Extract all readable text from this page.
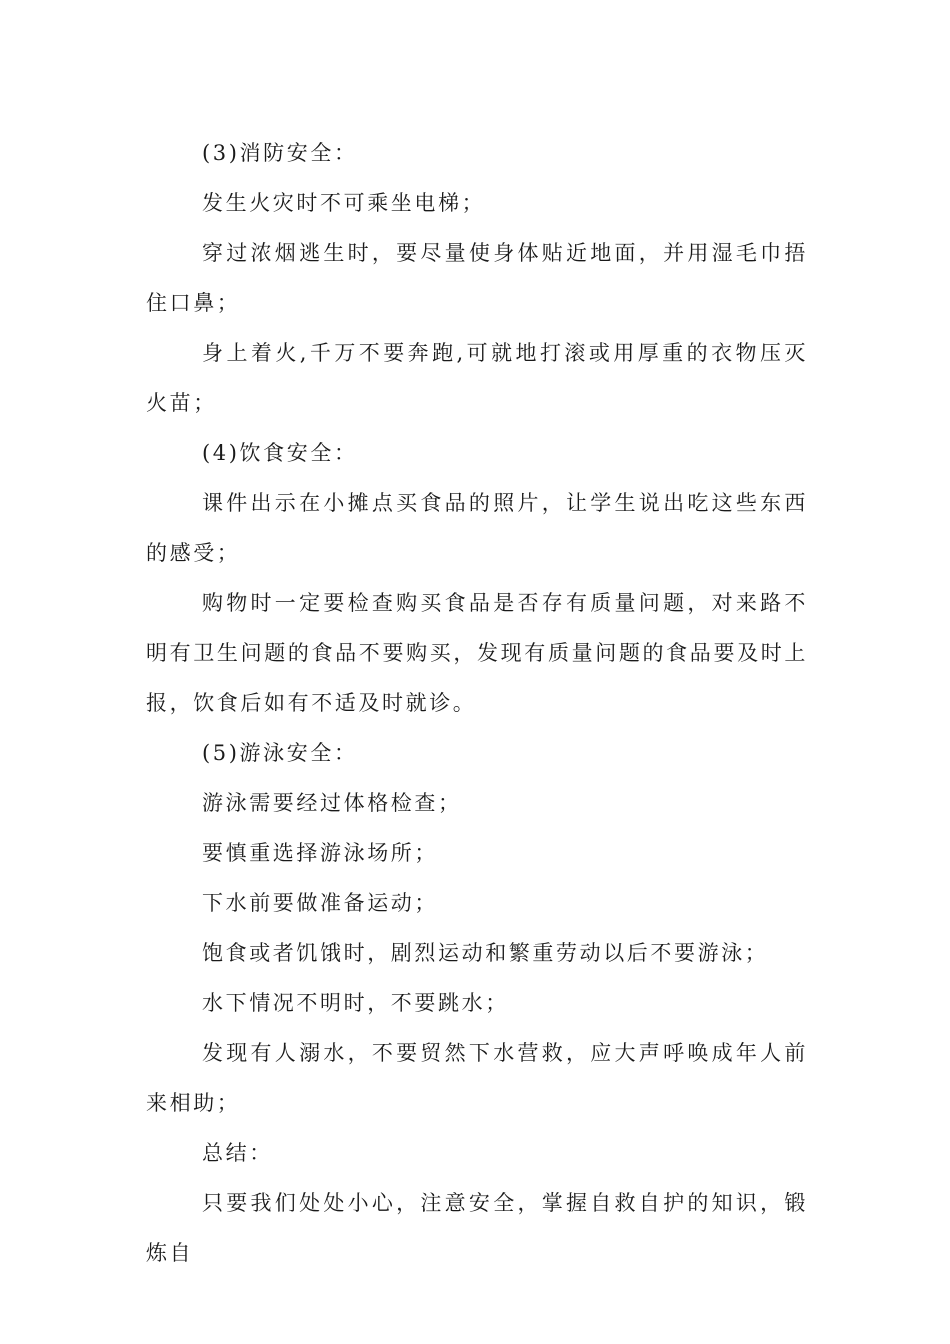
(3)消防安全：

发生火灾时不可乘坐电梯；

穿过浓烟逃生时，要尽量使身体贴近地面，并用湿毛巾捂住口鼻；

身上着火,千万不要奔跑,可就地打滚或用厚重的衣物压灭火苗；

(4)饮食安全：

课件出示在小摊点买食品的照片，让学生说出吃这些东西的感受；

购物时一定要检查购买食品是否存有质量问题，对来路不明有卫生问题的食品不要购买，发现有质量问题的食品要及时上报，饮食后如有不适及时就诊。

(5)游泳安全：

游泳需要经过体格检查；

要慎重选择游泳场所；

下水前要做准备运动；

饱食或者饥饿时，剧烈运动和繁重劳动以后不要游泳；

水下情况不明时，不要跳水；

发现有人溺水，不要贸然下水营救，应大声呼唤成年人前来相助；

总结：

只要我们处处小心，注意安全，掌握自救自护的知识，锻炼自
